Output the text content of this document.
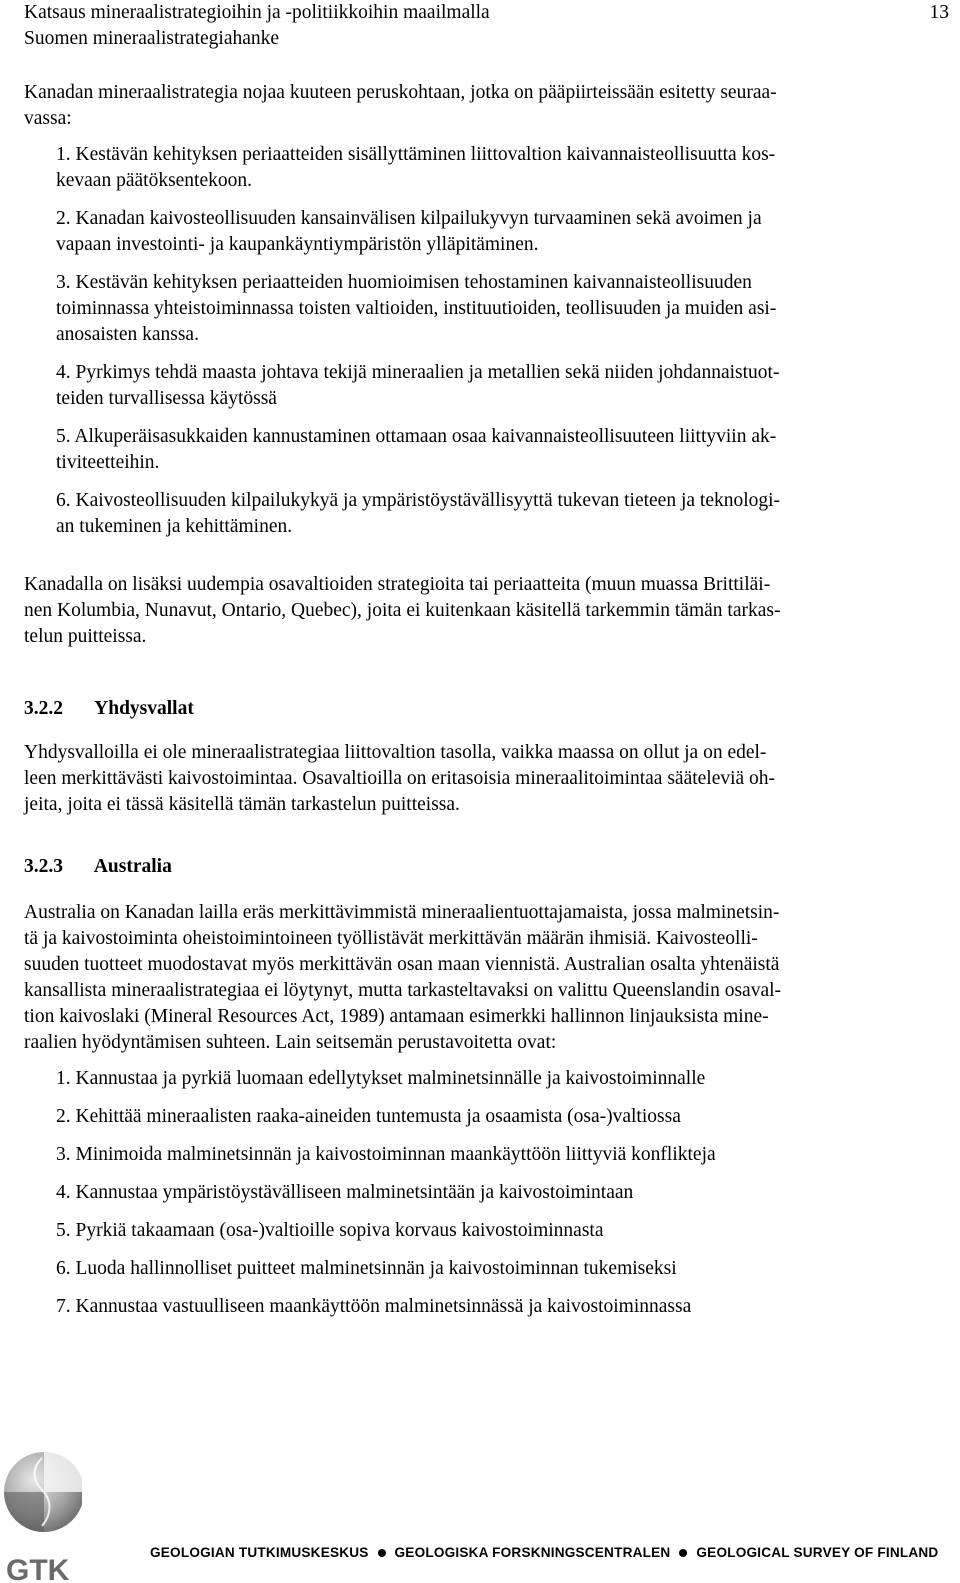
Katsaus mineraalistrategioihin ja -politiikkoihin maailmalla
Suomen mineraalistrategiahanke
13
Kanadan mineraalistrategia nojaa kuuteen peruskohtaan, jotka on pääpiirteissään esitetty seuraa-
vassa:
1. Kestävän kehityksen periaatteiden sisällyttäminen liittovaltion kaivannaisteollisuutta kos-
kevaan päätöksentekoon.
2. Kanadan kaivosteollisuuden kansainvälisen kilpailukyvyn turvaaminen sekä avoimen ja
vapaan investointi- ja kaupankäyntiympäristön ylläpitäminen.
3. Kestävän kehityksen periaatteiden huomioimisen tehostaminen kaivannaisteollisuuden
toiminnassa yhteistoiminnassa toisten valtioiden, instituutioiden, teollisuuden ja muiden asi-
anosaisten kanssa.
4. Pyrkimys tehdä maasta johtava tekijä mineraalien ja metallien sekä niiden johdannaistuot-
teiden turvallisessa käytössä
5. Alkuperäisasukkaiden kannustaminen ottamaan osaa kaivannaisteollisuuteen liittyviin ak-
tiviteetteihin.
6. Kaivosteollisuuden kilpailukykyä ja ympäristöystävällisyyttä tukevan tieteen ja teknologi-
an tukeminen ja kehittäminen.
Kanadalla on lisäksi uudempia osavaltioiden strategioita tai periaatteita (muun muassa Brittiläi-
nen Kolumbia, Nunavut, Ontario, Quebec), joita ei kuitenkaan käsitellä tarkemmin tämän tarkas-
telun puitteissa.
3.2.2 Yhdysvallat
Yhdysvalloilla ei ole mineraalistrategiaa liittovaltion tasolla, vaikka maassa on ollut ja on edel-
leen merkittävästi kaivostoimintaa. Osavaltioilla on eritasoisia mineraalitoimintaa sääteleviä oh-
jeita, joita ei tässä käsitellä tämän tarkastelun puitteissa.
3.2.3 Australia
Australia on Kanadan lailla eräs merkittävimmistä mineraalientuottajamaista, jossa malminetsin-
tä ja kaivostoiminta oheistoimintoineen työllistävät merkittävän määrän ihmisiä. Kaivosteolli-
suuden tuotteet muodostavat myös merkittävän osan maan viennistä. Australian osalta yhtenäistä
kansallista mineraalistrategiaa ei löytynyt, mutta tarkasteltavaksi on valittu Queenslandin osaval-
tion kaivoslaki (Mineral Resources Act, 1989) antamaan esimerkki hallinnon linjauksista mine-
raalien hyödyntämisen suhteen. Lain seitsemän perustavoitetta ovat:
1. Kannustaa ja pyrkiä luomaan edellytykset malminetsinnälle ja kaivostoiminnalle
2. Kehittää mineraalisten raaka-aineiden tuntemusta ja osaamista (osa-)valtiossa
3. Minimoida malminetsinnän ja kaivostoiminnan maankäyttöön liittyviä konflikteja
4. Kannustaa ympäristöystävälliseen malminetsintään ja kaivostoimintaan
5. Pyrkiä takaamaan (osa-)valtioille sopiva korvaus kaivostoiminnasta
6. Luoda hallinnolliset puitteet malminetsinnän ja kaivostoiminnan tukemiseksi
7. Kannustaa vastuulliseen maankäyttöön malminetsinnässä ja kaivostoiminnassa
GTK
GEOLOGIAN TUTKIMUSKESKUS GEOLOGISKA FORSKNINGSCENTRALEN GEOLOGICAL SURVEY OF FINLAND
